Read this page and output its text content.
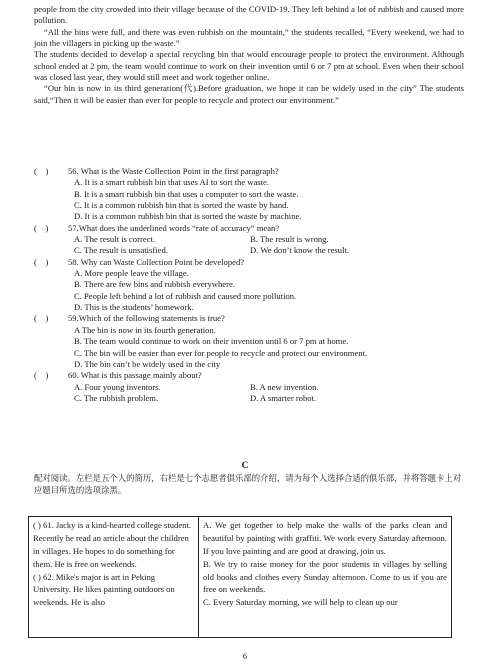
people from the city crowded into their village because of the COVID-19. They left behind a lot of rubbish and caused more pollution.

“All the bins were full, and there was even rubbish on the mountain,” the students recalled, “Every weekend, we had to join the villagers in picking up the waste.”

The students decided to develop a special recycling bin that would encourage people to protect the environment. Although school ended at 2 pm, the team would continue to work on their invention until 6 or 7 pm at school. Even when their school was closed last year, they would still meet and work together online.

“Our bin is now in its third generation(代).Before graduation, we hope it can be widely used in the city” The students said,“Then it will be easier than ever for people to recycle and protect our environment.”

(    )	56. What is the Waste Collection Point in the first paragraph?

A. It is a smart rubbish bin that uses AI to sort the waste.

B. It is a smart rubbish bin that uses a computer to sort the waste.

C. It is a common rubbish bin that is sorted the waste by hand.

D. It is a common rubbish bin that is sorted the waste by machine.

(    )	57.What does the underlined words “rate of accuracy” mean?

A. The result is correct.	B. The result is wrong.

C. The result is unsatisfied.	D. We don’t know the result.

(    )	58. Why can Waste Collection Point be developed?

A. More people leave the village.

B. There are few bins and rubbish everywhere.

C. People left behind a lot of rubbish and caused more pollution.

D. This is the students’ homework.

(    )	59.Which of the following statements is true?

A The bin is now in its fourth generation.

B. The team would continue to work on their invention until 6 or 7 pm at home.

C. The bin will be easier than ever for people to recycle and protect our environment.

D. The bin can’t be widely used in the city

(    )	60. What is this passage mainly about?

A. Four young inventors.	B. A new invention.

C. The rubbish problem.	D. A smarter robot.

C
配对阅读。左栏是五个人的简历，右栏是七个志愿者俱乐部的介绍，请为每个人选择合适的俱乐部，并将答题卡上对应题目所选的选项涂黑。

( ) 61. Jacky is a kind-hearted college student. Recently he read an article about the children in villages. He hopes to do something for them. He is free on weekends.

( ) 62. Mike's major is art in Peking University. He likes painting outdoors on weekends. He is also

A. We get together to help make the walls of the parks clean and beautiful by painting with graffiti. We work every Saturday afternoon. If you love painting and are good at drawing, join us.

B. We try to raise money for the poor students in villages by selling old books and clothes every Sunday afternoon. Come to us if you are free on weekends.

C. Every Saturday morning, we will help to clean up our

6
